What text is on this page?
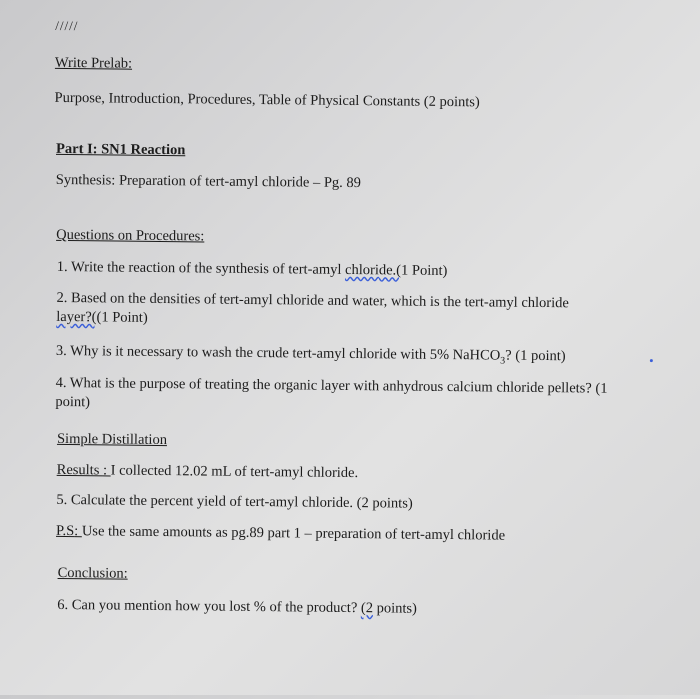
/////
Write Prelab:
Purpose, Introduction, Procedures, Table of Physical Constants (2 points)
Part I: SN1 Reaction
Synthesis: Preparation of tert-amyl chloride – Pg. 89
Questions on Procedures:
1. Write the reaction of the synthesis of tert-amyl chloride.(1 Point)
2. Based on the densities of tert-amyl chloride and water, which is the tert-amyl chloride
layer?((1 Point)
3. Why is it necessary to wash the crude tert-amyl chloride with 5% NaHCO$_3$? (1 point)
4. What is the purpose of treating the organic layer with anhydrous calcium chloride pellets? (1
point)
Simple Distillation
Results : I collected 12.02 mL of tert-amyl chloride.
5. Calculate the percent yield of tert-amyl chloride. (2 points)
P.S: Use the same amounts as pg.89 part 1 – preparation of tert-amyl chloride
Conclusion:
6. Can you mention how you lost % of the product? (2 points)
